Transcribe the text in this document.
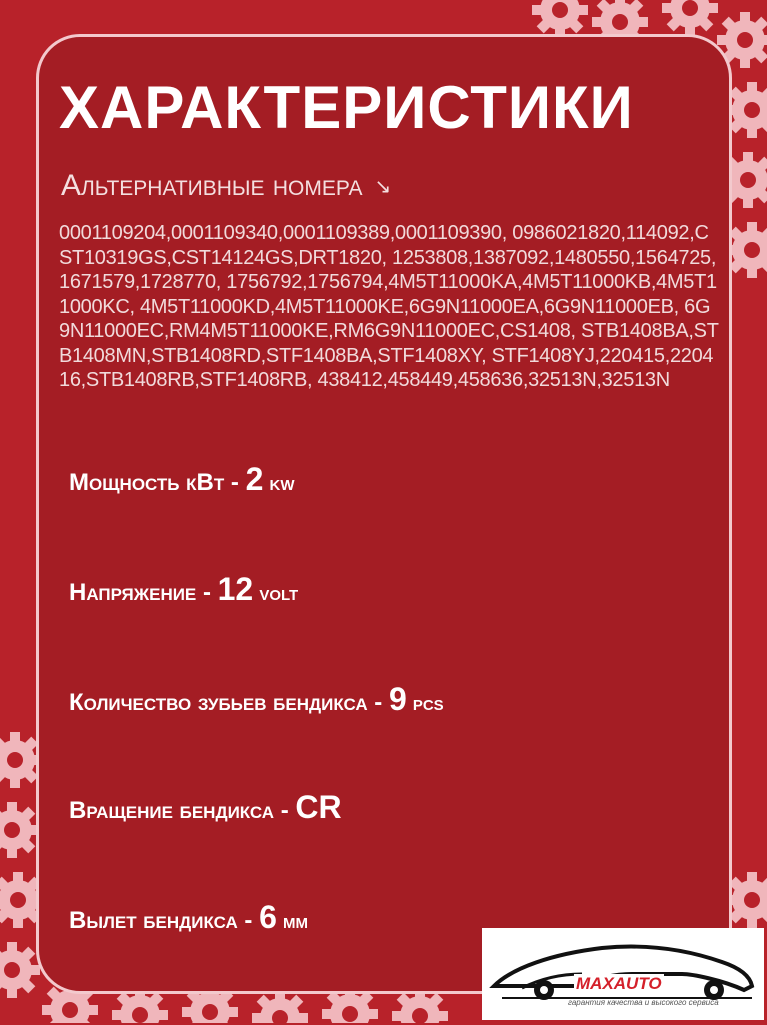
ХАРАКТЕРИСТИКИ
Альтернативные номера ↘
0001109204,0001109340,0001109389,0001109390, 0986021820,114092,CST10319GS,CST14124GS,DRT1820, 1253808,1387092,1480550,1564725,1671579,1728770, 1756792,1756794,4M5T11000KA,4M5T11000KB,4M5T11000KC, 4M5T11000KD,4M5T11000KE,6G9N11000EA,6G9N11000EB, 6G9N11000EC,RM4M5T11000KE,RM6G9N11000EC,CS1408, STB1408BA,STB1408MN,STB1408RD,STF1408BA,STF1408XY, STF1408YJ,220415,220416,STB1408RB,STF1408RB, 438412,458449,458636,32513N,32513N
Мощность кВт - 2 kw
Напряжение - 12 volt
Количество зубьев бендикса - 9 pcs
Вращение бендикса - CR
Вылет бендикса - 6 мм
MAXAUTO
гарантия качества и высокого сервиса
